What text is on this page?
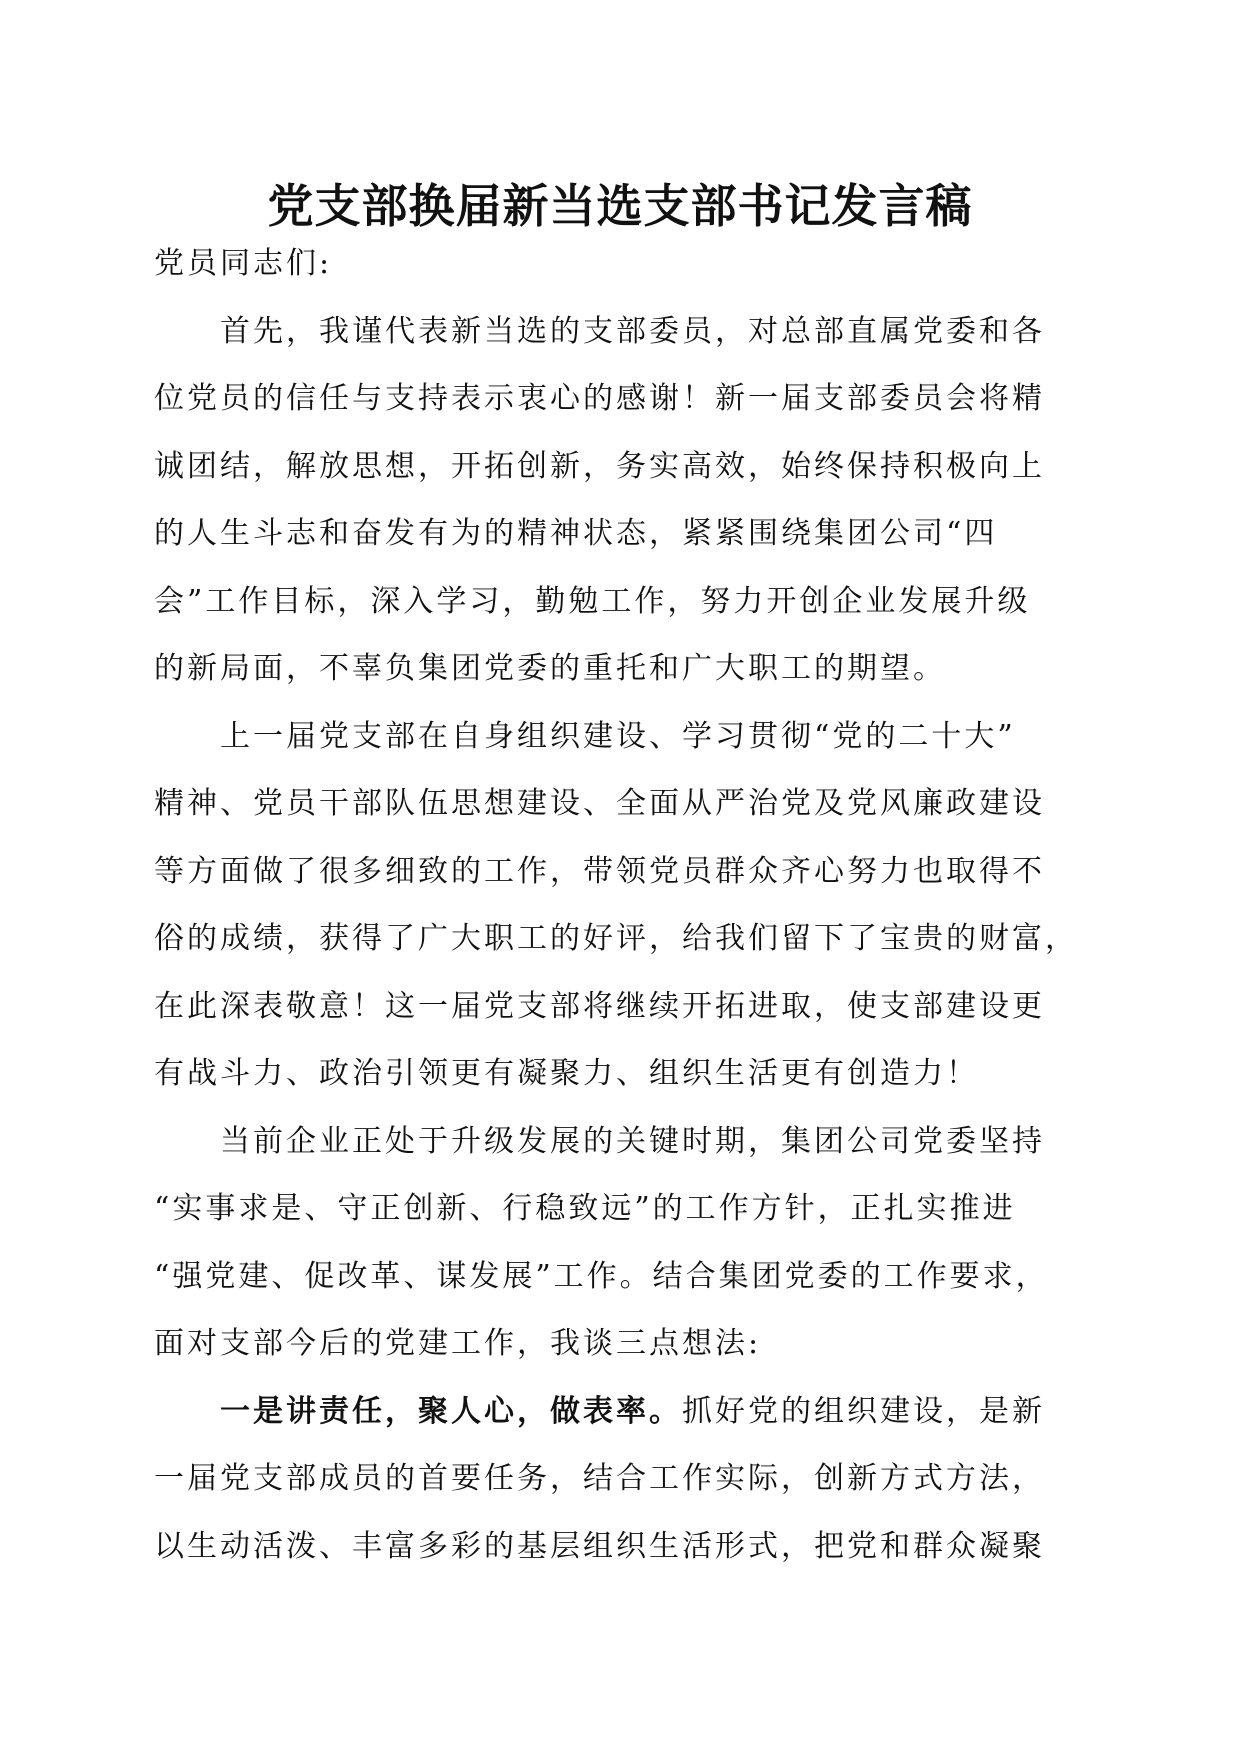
党支部换届新当选支部书记发言稿
党员同志们:
首先，我谨代表新当选的支部委员，对总部直属党委和各
位党员的信任与支持表示衷心的感谢！新一届支部委员会将精
诚团结，解放思想，开拓创新，务实高效，始终保持积极向上
的人生斗志和奋发有为的精神状态，紧紧围绕集团公司“四
会”工作目标，深入学习，勤勉工作，努力开创企业发展升级
的新局面，不辜负集团党委的重托和广大职工的期望。
上一届党支部在自身组织建设、学习贯彻“党的二十大”
精神、党员干部队伍思想建设、全面从严治党及党风廉政建设
等方面做了很多细致的工作，带领党员群众齐心努力也取得不
俗的成绩，获得了广大职工的好评，给我们留下了宝贵的财富，
在此深表敬意！这一届党支部将继续开拓进取，使支部建设更
有战斗力、政治引领更有凝聚力、组织生活更有创造力！
当前企业正处于升级发展的关键时期，集团公司党委坚持
“实事求是、守正创新、行稳致远”的工作方针，正扎实推进
“强党建、促改革、谋发展”工作。结合集团党委的工作要求，
面对支部今后的党建工作，我谈三点想法:
一是讲责任，聚人心，做表率。抓好党的组织建设，是新
一届党支部成员的首要任务，结合工作实际，创新方式方法，
以生动活泼、丰富多彩的基层组织生活形式，把党和群众凝聚
